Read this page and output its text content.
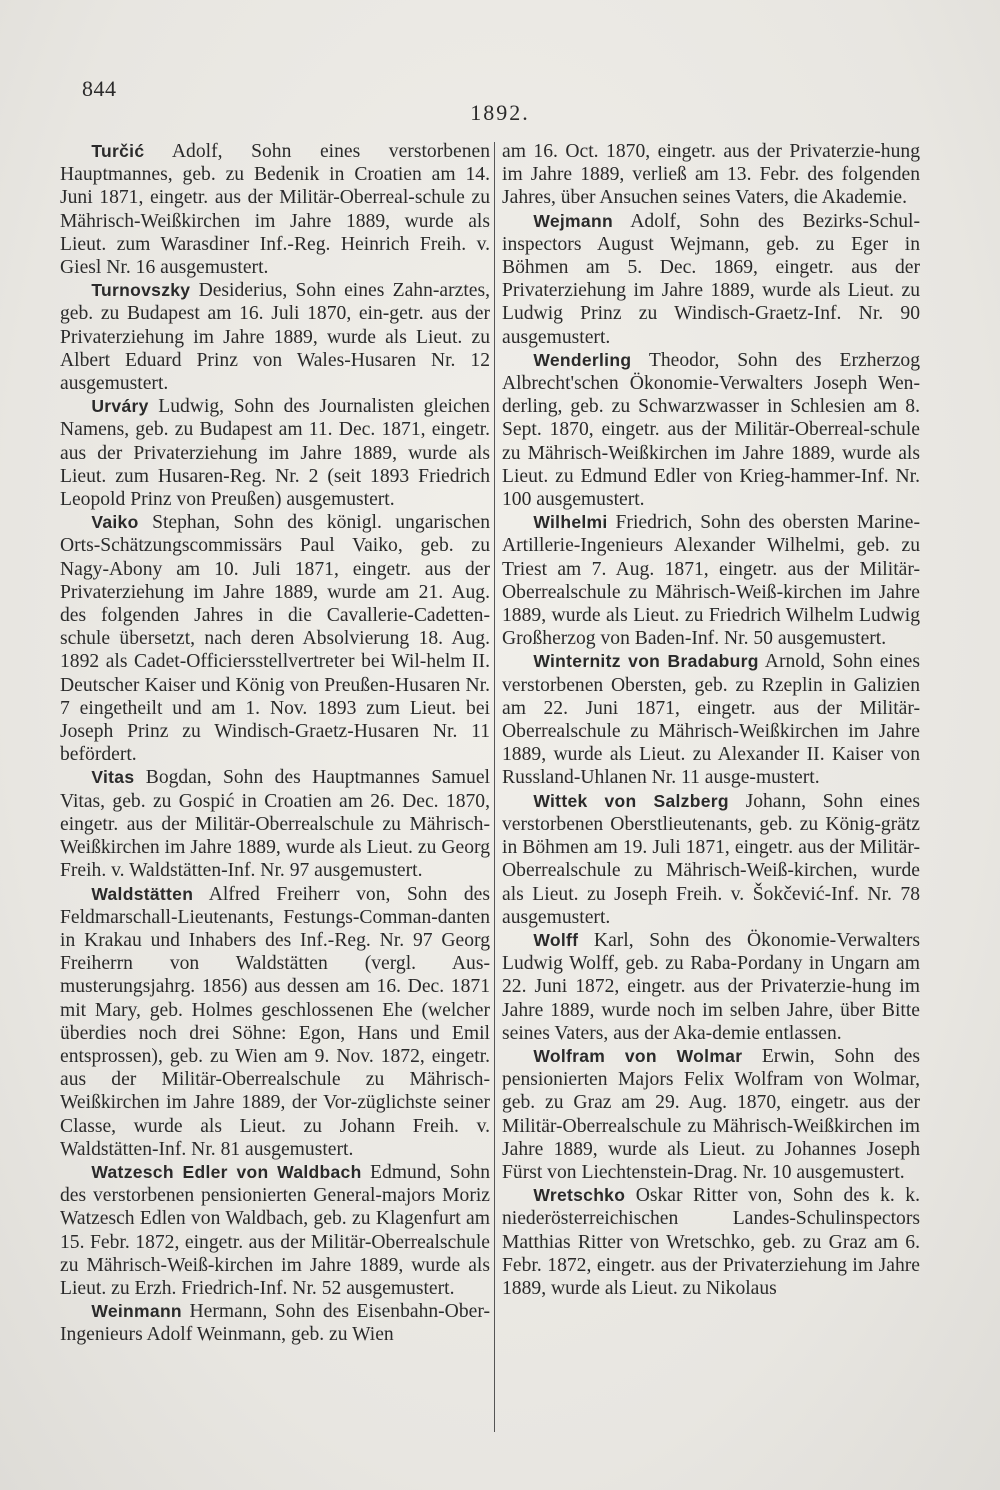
844
1892.

Turčić Adolf, Sohn eines verstorbenen Hauptmannes, geb. zu Bedenik in Croatien am 14. Juni 1871, eingetr. aus der Militär-Oberreal-schule zu Mährisch-Weißkirchen im Jahre 1889, wurde als Lieut. zum Warasdiner Inf.-Reg. Heinrich Freih. v. Giesl Nr. 16 ausgemustert.

Turnovszky Desiderius, Sohn eines Zahn-arztes, geb. zu Budapest am 16. Juli 1870, ein-getr. aus der Privaterziehung im Jahre 1889, wurde als Lieut. zu Albert Eduard Prinz von Wales-Husaren Nr. 12 ausgemustert.

Urváry Ludwig, Sohn des Journalisten gleichen Namens, geb. zu Budapest am 11. Dec. 1871, eingetr. aus der Privaterziehung im Jahre 1889, wurde als Lieut. zum Husaren-Reg. Nr. 2 (seit 1893 Friedrich Leopold Prinz von Preußen) ausgemustert.

Vaiko Stephan, Sohn des königl. ungarischen Orts-Schätzungscommissärs Paul Vaiko, geb. zu Nagy-Abony am 10. Juli 1871, eingetr. aus der Privaterziehung im Jahre 1889, wurde am 21. Aug. des folgenden Jahres in die Cavallerie-Cadetten-schule übersetzt, nach deren Absolvierung 18. Aug. 1892 als Cadet-Officiersstellvertreter bei Wil-helm II. Deutscher Kaiser und König von Preußen-Husaren Nr. 7 eingetheilt und am 1. Nov. 1893 zum Lieut. bei Joseph Prinz zu Windisch-Graetz-Husaren Nr. 11 befördert.

Vitas Bogdan, Sohn des Hauptmannes Samuel Vitas, geb. zu Gospić in Croatien am 26. Dec. 1870, eingetr. aus der Militär-Oberrealschule zu Mährisch-Weißkirchen im Jahre 1889, wurde als Lieut. zu Georg Freih. v. Waldstätten-Inf. Nr. 97 ausgemustert.

Waldstätten Alfred Freiherr von, Sohn des Feldmarschall-Lieutenants, Festungs-Comman-danten in Krakau und Inhabers des Inf.-Reg. Nr. 97 Georg Freiherrn von Waldstätten (vergl. Aus-musterungsjahrg. 1856) aus dessen am 16. Dec. 1871 mit Mary, geb. Holmes geschlossenen Ehe (welcher überdies noch drei Söhne: Egon, Hans und Emil entsprossen), geb. zu Wien am 9. Nov. 1872, eingetr. aus der Militär-Oberrealschule zu Mährisch-Weißkirchen im Jahre 1889, der Vor-züglichste seiner Classe, wurde als Lieut. zu Johann Freih. v. Waldstätten-Inf. Nr. 81 ausgemustert.

Watzesch Edler von Waldbach Edmund, Sohn des verstorbenen pensionierten General-majors Moriz Watzesch Edlen von Waldbach, geb. zu Klagenfurt am 15. Febr. 1872, eingetr. aus der Militär-Oberrealschule zu Mährisch-Weiß-kirchen im Jahre 1889, wurde als Lieut. zu Erzh. Friedrich-Inf. Nr. 52 ausgemustert.

Weinmann Hermann, Sohn des Eisenbahn-Ober-Ingenieurs Adolf Weinmann, geb. zu Wien

am 16. Oct. 1870, eingetr. aus der Privaterzie-hung im Jahre 1889, verließ am 13. Febr. des folgenden Jahres, über Ansuchen seines Vaters, die Akademie.

Wejmann Adolf, Sohn des Bezirks-Schul-inspectors August Wejmann, geb. zu Eger in Böhmen am 5. Dec. 1869, eingetr. aus der Privaterziehung im Jahre 1889, wurde als Lieut. zu Ludwig Prinz zu Windisch-Graetz-Inf. Nr. 90 ausgemustert.

Wenderling Theodor, Sohn des Erzherzog Albrecht'schen Ökonomie-Verwalters Joseph Wen-derling, geb. zu Schwarzwasser in Schlesien am 8. Sept. 1870, eingetr. aus der Militär-Oberreal-schule zu Mährisch-Weißkirchen im Jahre 1889, wurde als Lieut. zu Edmund Edler von Krieg-hammer-Inf. Nr. 100 ausgemustert.

Wilhelmi Friedrich, Sohn des obersten Marine-Artillerie-Ingenieurs Alexander Wilhelmi, geb. zu Triest am 7. Aug. 1871, eingetr. aus der Militär-Oberrealschule zu Mährisch-Weiß-kirchen im Jahre 1889, wurde als Lieut. zu Friedrich Wilhelm Ludwig Großherzog von Baden-Inf. Nr. 50 ausgemustert.

Winternitz von Bradaburg Arnold, Sohn eines verstorbenen Obersten, geb. zu Rzeplin in Galizien am 22. Juni 1871, eingetr. aus der Militär-Oberrealschule zu Mährisch-Weißkirchen im Jahre 1889, wurde als Lieut. zu Alexander II. Kaiser von Russland-Uhlanen Nr. 11 ausge-mustert.

Wittek von Salzberg Johann, Sohn eines verstorbenen Oberstlieutenants, geb. zu König-grätz in Böhmen am 19. Juli 1871, eingetr. aus der Militär-Oberrealschule zu Mährisch-Weiß-kirchen, wurde als Lieut. zu Joseph Freih. v. Šokčević-Inf. Nr. 78 ausgemustert.

Wolff Karl, Sohn des Ökonomie-Verwalters Ludwig Wolff, geb. zu Raba-Pordany in Ungarn am 22. Juni 1872, eingetr. aus der Privaterzie-hung im Jahre 1889, wurde noch im selben Jahre, über Bitte seines Vaters, aus der Aka-demie entlassen.

Wolfram von Wolmar Erwin, Sohn des pensionierten Majors Felix Wolfram von Wolmar, geb. zu Graz am 29. Aug. 1870, eingetr. aus der Militär-Oberrealschule zu Mährisch-Weißkirchen im Jahre 1889, wurde als Lieut. zu Johannes Joseph Fürst von Liechtenstein-Drag. Nr. 10 ausgemustert.

Wretschko Oskar Ritter von, Sohn des k. k. niederösterreichischen Landes-Schulinspectors Matthias Ritter von Wretschko, geb. zu Graz am 6. Febr. 1872, eingetr. aus der Privaterziehung im Jahre 1889, wurde als Lieut. zu Nikolaus
